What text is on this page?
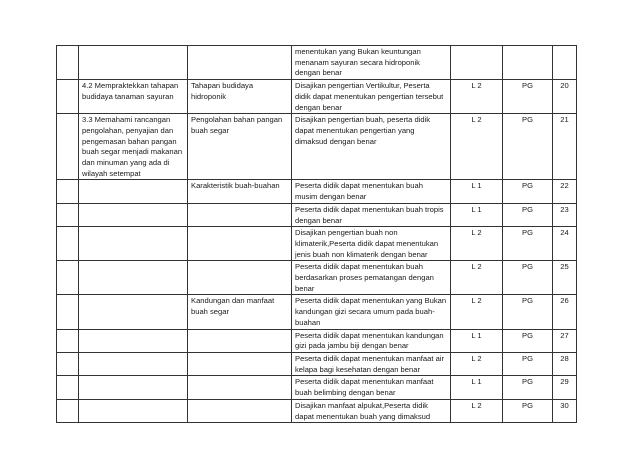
			menentukan yang Bukan keuntungan menanam sayuran secara hidroponik dengan benar			
	4.2 Mempraktekkan tahapan budidaya tanaman sayuran	Tahapan budidaya hidroponik	Disajikan pengertian Vertikultur, Peserta didik dapat menentukan pengertian tersebut dengan benar	L 2	PG	20
	3.3 Memahami rancangan pengolahan, penyajian dan pengemasan bahan pangan buah segar menjadi makanan dan minuman yang ada di wilayah setempat	Pengolahan bahan pangan buah segar	Disajikan pengertian buah, peserta didik dapat menentukan pengertian yang dimaksud dengan benar	L 2	PG	21
		Karakteristik buah-buahan	Peserta didik dapat menentukan buah musim dengan benar	L 1	PG	22
			Peserta didik dapat menentukan buah tropis dengan benar	L 1	PG	23
			Disajikan pengertian buah non klimaterik,Peserta didik dapat menentukan jenis buah non klimaterik dengan benar	L 2	PG	24
			Peserta didik dapat menentukan buah berdasarkan proses pematangan dengan benar	L 2	PG	25
		Kandungan dan manfaat buah segar	Peserta didik dapat menentukan yang Bukan kandungan gizi secara umum pada buah-buahan	L 2	PG	26
			Peserta didik dapat menentukan kandungan gizi pada jambu biji dengan benar	L 1	PG	27
			Peserta didik dapat menentukan manfaat air kelapa bagi kesehatan dengan benar	L 2	PG	28
			Peserta didik dapat menentukan manfaat buah belimbing dengan benar	L 1	PG	29
			Disajikan manfaat alpukat,Peserta didik dapat menentukan buah yang dimaksud	L 2	PG	30
